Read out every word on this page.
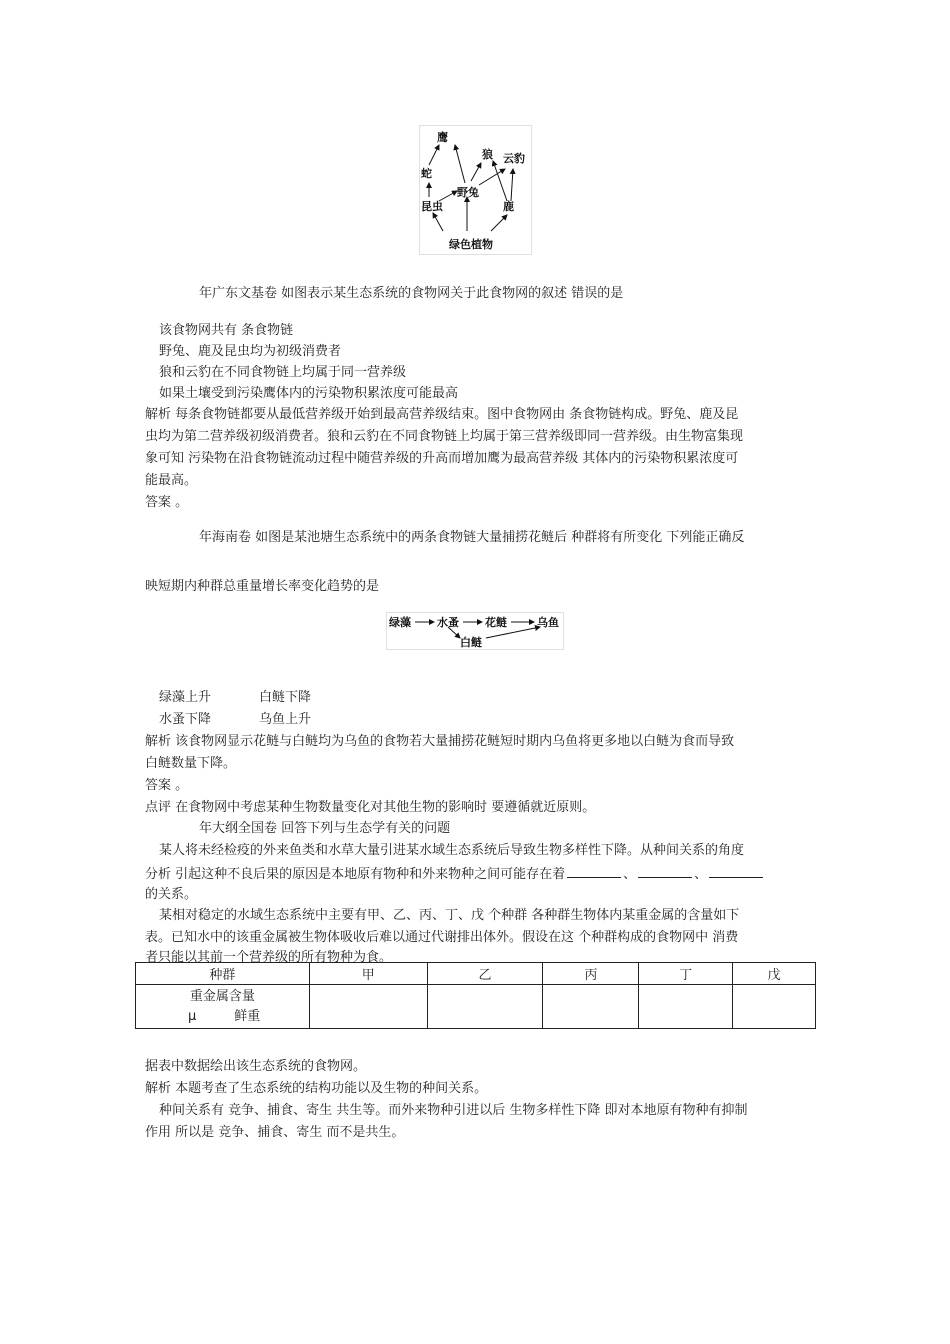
鹰
狼 云豹
蛇
野兔
昆虫	鹿
绿色植物
年广东文基卷 如图表示某生态系统的食物网关于此食物网的叙述 错误的是
该食物网共有 条食物链
野兔、鹿及昆虫均为初级消费者
狼和云豹在不同食物链上均属于同一营养级
如果土壤受到污染鹰体内的污染物积累浓度可能最高
解析 每条食物链都要从最低营养级开始到最高营养级结束。图中食物网由 条食物链构成。野兔、鹿及昆
虫均为第二营养级初级消费者。狼和云豹在不同食物链上均属于第三营养级即同一营养级。由生物富集现
象可知 污染物在沿食物链流动过程中随营养级的升高而增加鹰为最高营养级 其体内的污染物积累浓度可
能最高。
答案 。
年海南卷 如图是某池塘生态系统中的两条食物链大量捕捞花鲢后 种群将有所变化 下列能正确反
映短期内种群总重量增长率变化趋势的是
绿藻 水蚤 花鲢	乌鱼
白鲢
绿藻上升	白鲢下降
水蚤下降	乌鱼上升
解析 该食物网显示花鲢与白鲢均为乌鱼的食物若大量捕捞花鲢短时期内乌鱼将更多地以白鲢为食而导致
白鲢数量下降。
答案 。
点评 在食物网中考虑某种生物数量变化对其他生物的影响时 要遵循就近原则。
年大纲全国卷 回答下列与生态学有关的问题
某人将未经检疫的外来鱼类和水草大量引进某水域生态系统后导致生物多样性下降。从种间关系的角度
分析 引起这种不良后果的原因是本地原有物种和外来物种之间可能存在着	、	、
的关系。
某相对稳定的水域生态系统中主要有甲、乙、丙、丁、戊 个种群 各种群生物体内某重金属的含量如下
表。已知水中的该重金属被生物体吸收后难以通过代谢排出体外。假设在这 个种群构成的食物网中 消费
者只能以其前一个营养级的所有物种为食。
种群	甲	乙	丙	丁	戊

重金属含量
μ 鲜重					

据表中数据绘出该生态系统的食物网。
解析 本题考查了生态系统的结构功能以及生物的种间关系。
种间关系有 竞争、捕食、寄生 共生等。而外来物种引进以后 生物多样性下降 即对本地原有物种有抑制
作用 所以是 竞争、捕食、寄生 而不是共生。
